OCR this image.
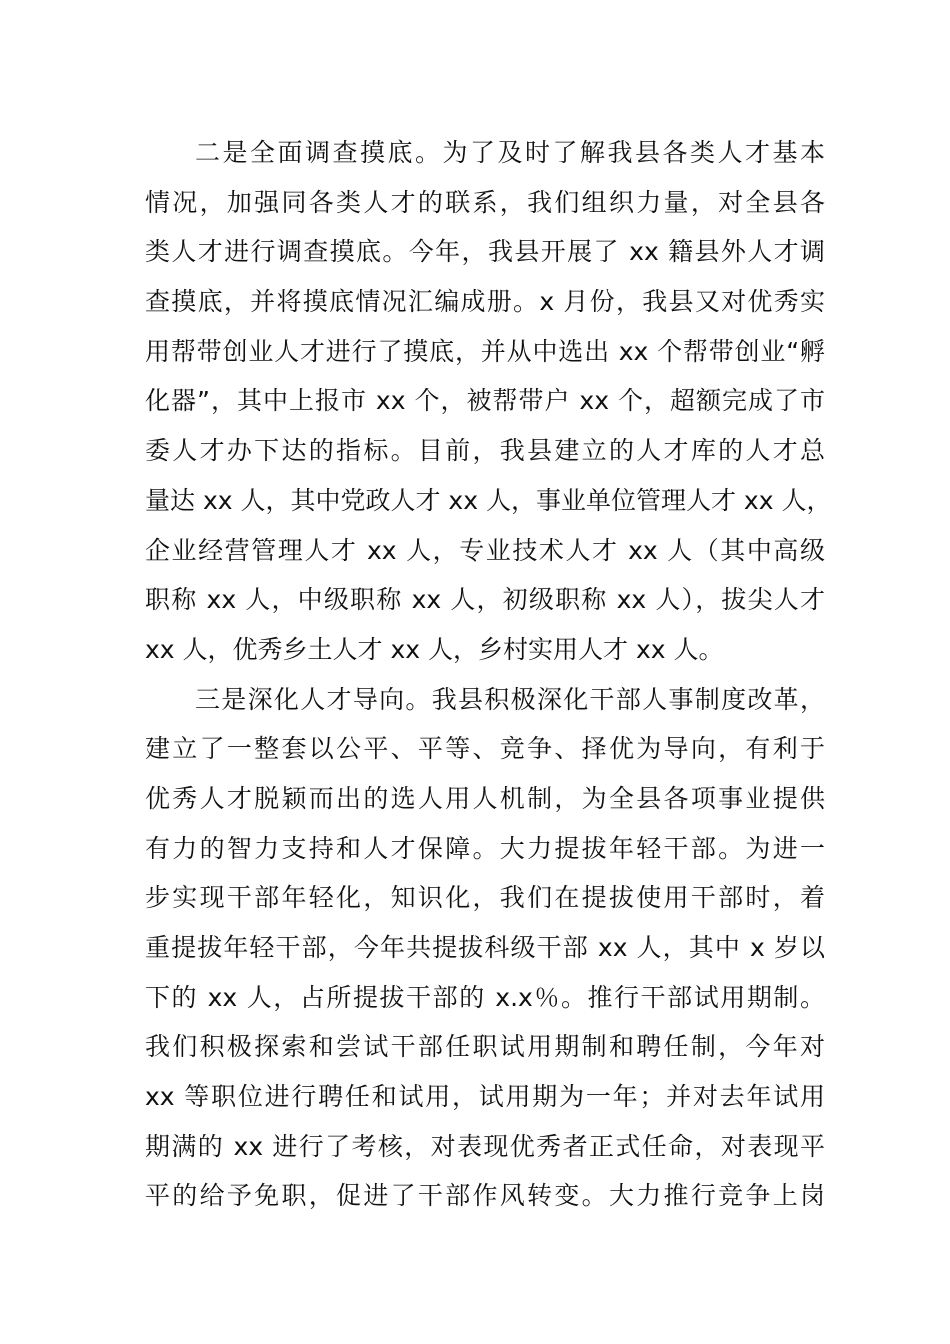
二是全面调查摸底。为了及时了解我县各类人才基本
情况，加强同各类人才的联系，我们组织力量，对全县各
类人才进行调查摸底。今年，我县开展了 xx 籍县外人才调
查摸底，并将摸底情况汇编成册。x 月份，我县又对优秀实
用帮带创业人才进行了摸底，并从中选出 xx 个帮带创业“孵
化器”，其中上报市 xx 个，被帮带户 xx 个，超额完成了市
委人才办下达的指标。目前，我县建立的人才库的人才总
量达 xx 人，其中党政人才 xx 人，事业单位管理人才 xx 人，
企业经营管理人才 xx 人，专业技术人才 xx 人（其中高级
职称 xx 人，中级职称 xx 人，初级职称 xx 人），拔尖人才
xx 人，优秀乡土人才 xx 人，乡村实用人才 xx 人。
三是深化人才导向。我县积极深化干部人事制度改革，
建立了一整套以公平、平等、竞争、择优为导向，有利于
优秀人才脱颖而出的选人用人机制，为全县各项事业提供
有力的智力支持和人才保障。大力提拔年轻干部。为进一
步实现干部年轻化，知识化，我们在提拔使用干部时，着
重提拔年轻干部，今年共提拔科级干部 xx 人，其中 x 岁以
下的 xx 人，占所提拔干部的 x.x％。推行干部试用期制。
我们积极探索和尝试干部任职试用期制和聘任制，今年对
xx 等职位进行聘任和试用，试用期为一年；并对去年试用
期满的 xx 进行了考核，对表现优秀者正式任命，对表现平
平的给予免职，促进了干部作风转变。大力推行竞争上岗
